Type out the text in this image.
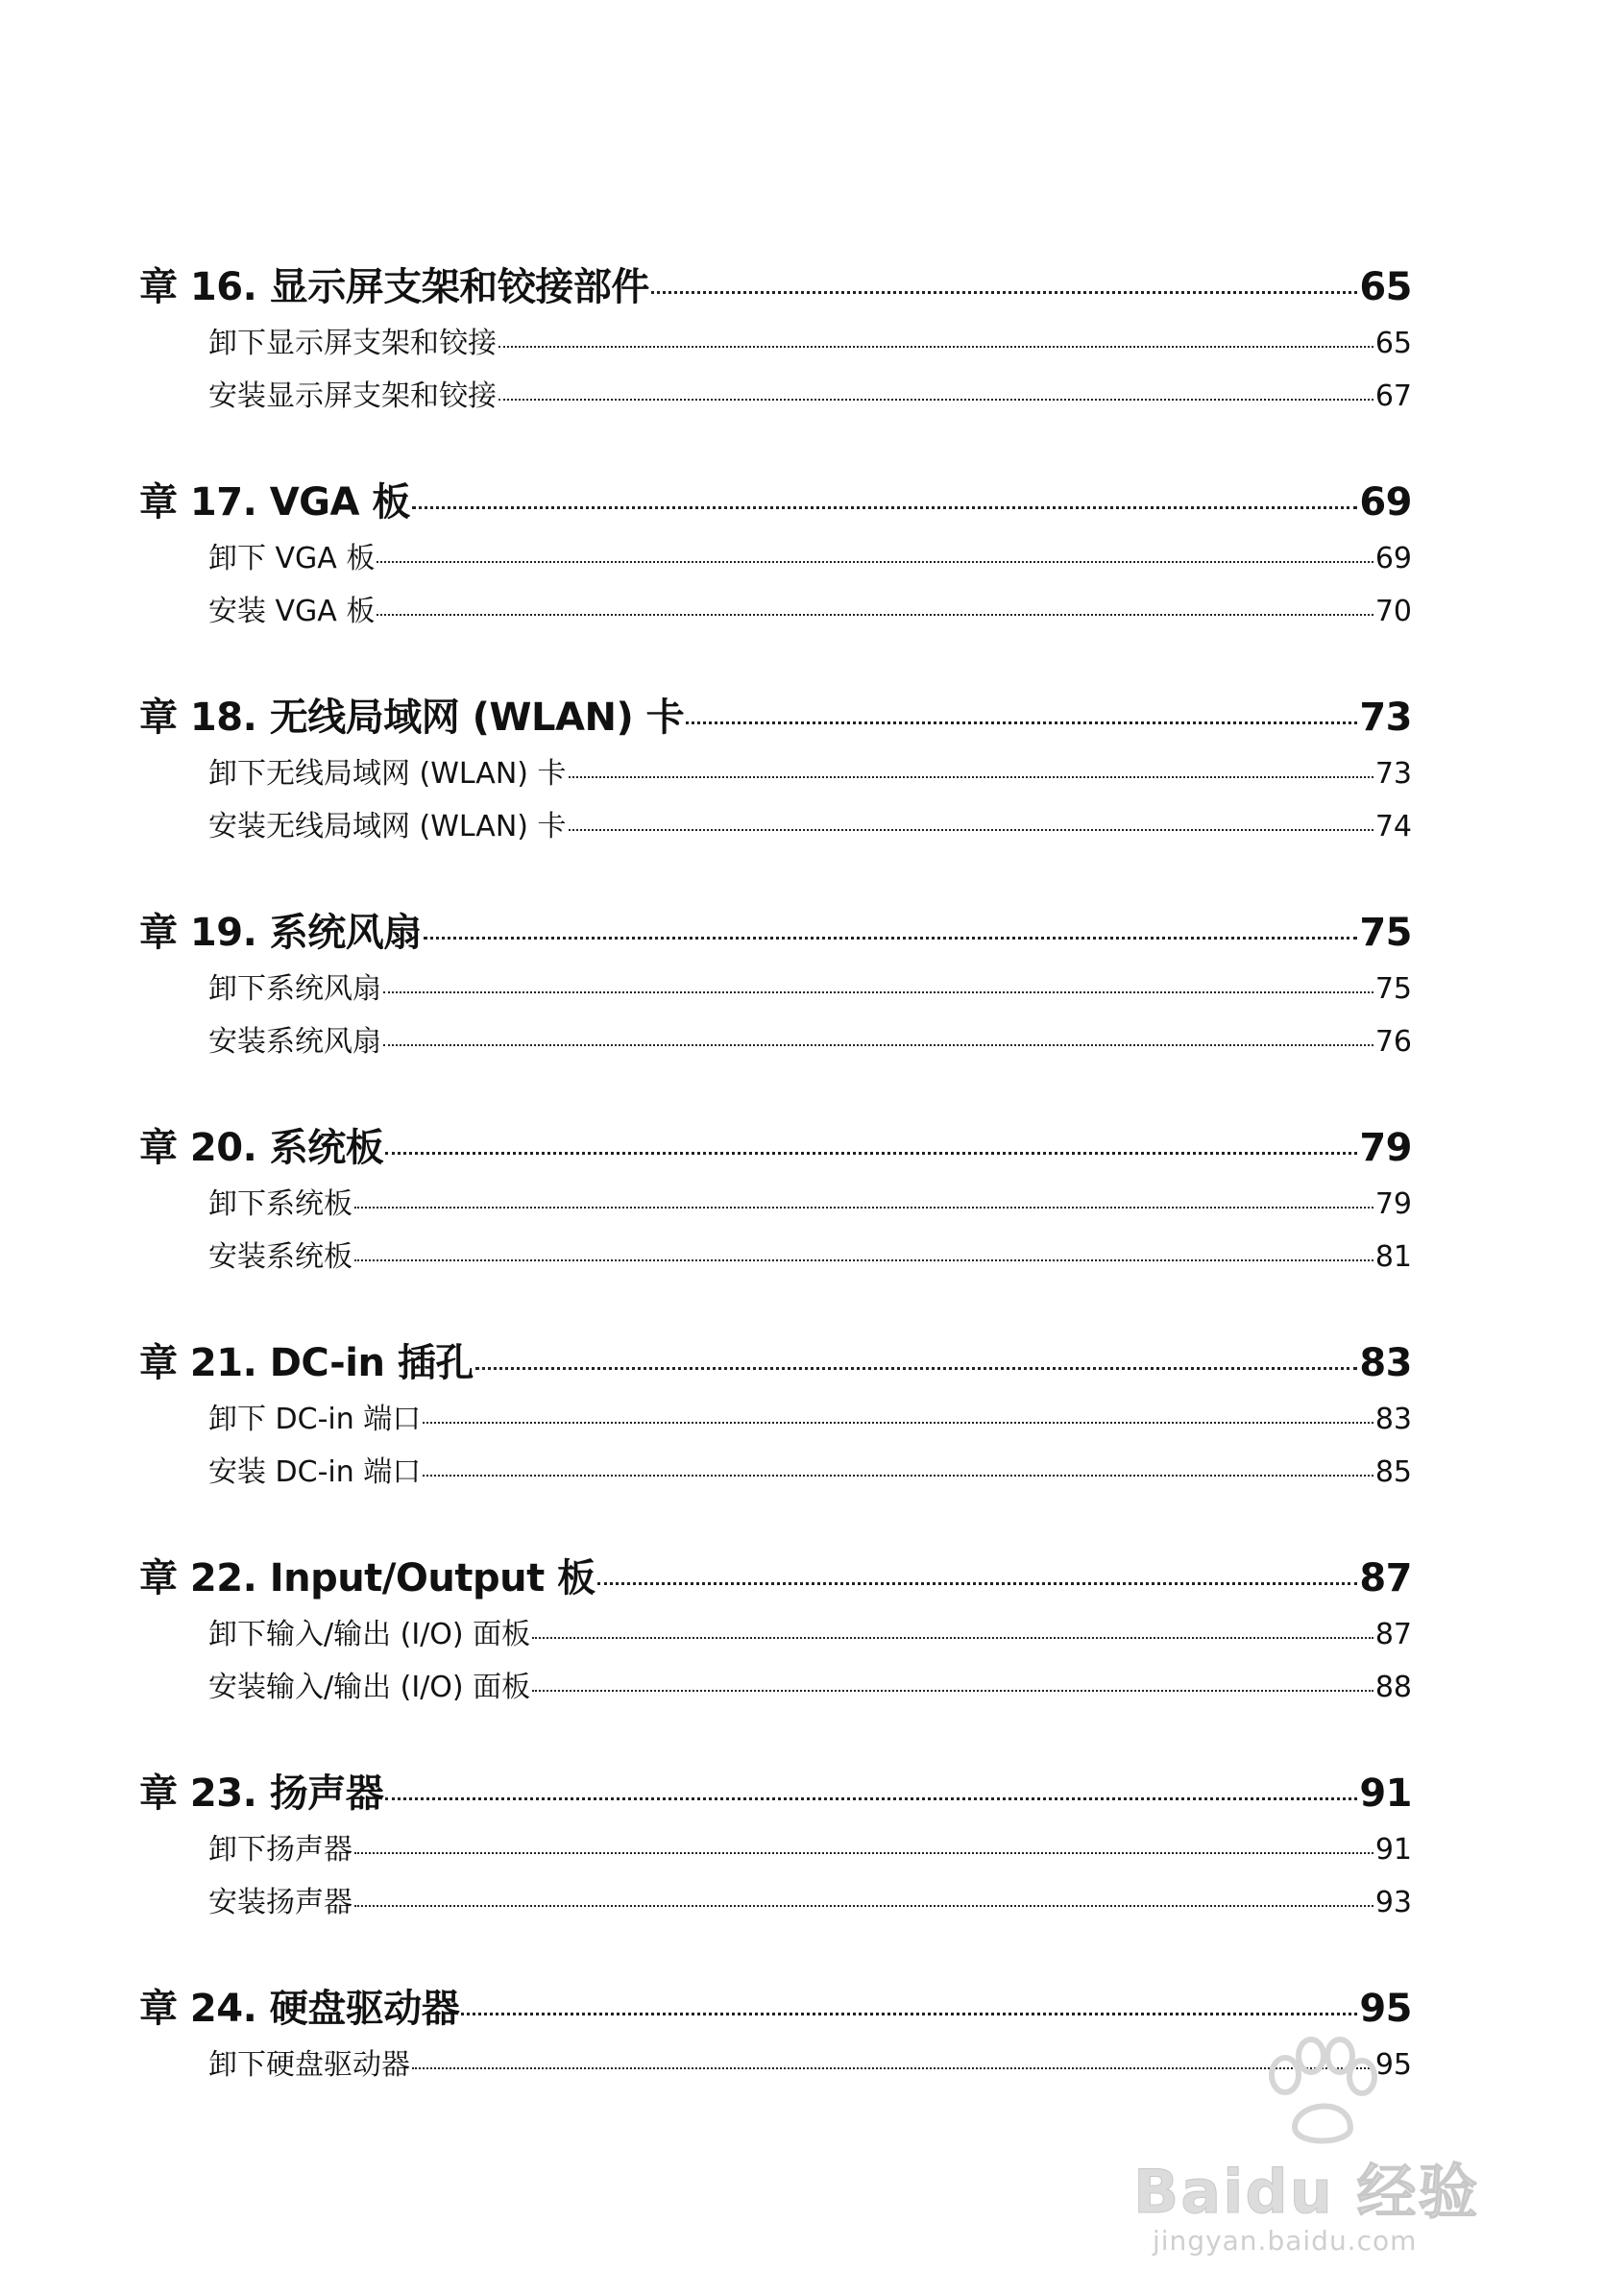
章 16. 显示屏支架和铰接部件	65
卸下显示屏支架和铰接	65
安装显示屏支架和铰接	67
章 17. VGA 板	69
卸下 VGA 板	69
安装 VGA 板	70
章 18. 无线局域网 (WLAN) 卡	73
卸下无线局域网 (WLAN) 卡	73
安装无线局域网 (WLAN) 卡	74
章 19. 系统风扇	75
卸下系统风扇	75
安装系统风扇	76
章 20. 系统板	79
卸下系统板	79
安装系统板	81
章 21. DC-in 插孔	83
卸下 DC-in 端口	83
安装 DC-in 端口	85
章 22. Input/Output 板	87
卸下输入/输出 (I/O) 面板	87
安装输入/输出 (I/O) 面板	88
章 23. 扬声器	91
卸下扬声器	91
安装扬声器	93
章 24. 硬盘驱动器	95
卸下硬盘驱动器	95
Baidu 经验
jingyan.baidu.com
